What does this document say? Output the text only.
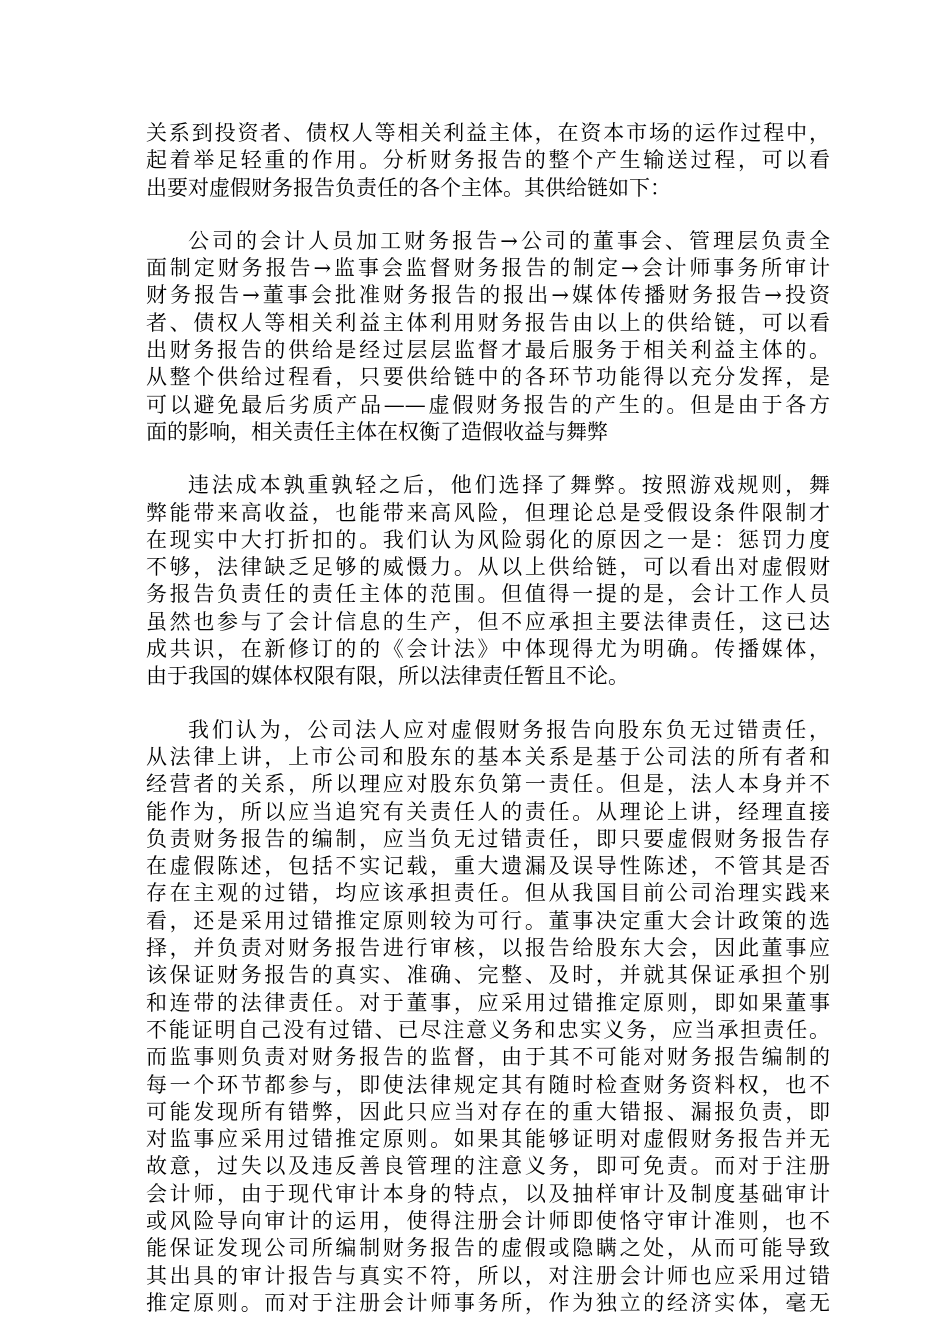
关系到投资者、债权人等相关利益主体，在资本市场的运作过程中，
起着举足轻重的作用。分析财务报告的整个产生输送过程，可以看
出要对虚假财务报告负责任的各个主体。其供给链如下：
公司的会计人员加工财务报告→公司的董事会、管理层负责全
面制定财务报告→监事会监督财务报告的制定→会计师事务所审计
财务报告→董事会批准财务报告的报出→媒体传播财务报告→投资
者、债权人等相关利益主体利用财务报告由以上的供给链，可以看
出财务报告的供给是经过层层监督才最后服务于相关利益主体的。
从整个供给过程看，只要供给链中的各环节功能得以充分发挥，是
可以避免最后劣质产品——虚假财务报告的产生的。但是由于各方
面的影响，相关责任主体在权衡了造假收益与舞弊
违法成本孰重孰轻之后，他们选择了舞弊。按照游戏规则，舞
弊能带来高收益，也能带来高风险，但理论总是受假设条件限制才
在现实中大打折扣的。我们认为风险弱化的原因之一是：惩罚力度
不够，法律缺乏足够的威慑力。从以上供给链，可以看出对虚假财
务报告负责任的责任主体的范围。但值得一提的是，会计工作人员
虽然也参与了会计信息的生产，但不应承担主要法律责任，这已达
成共识，在新修订的的《会计法》中体现得尤为明确。传播媒体，
由于我国的媒体权限有限，所以法律责任暂且不论。
我们认为，公司法人应对虚假财务报告向股东负无过错责任，
从法律上讲，上市公司和股东的基本关系是基于公司法的所有者和
经营者的关系，所以理应对股东负第一责任。但是，法人本身并不
能作为，所以应当追究有关责任人的责任。从理论上讲，经理直接
负责财务报告的编制，应当负无过错责任，即只要虚假财务报告存
在虚假陈述，包括不实记载，重大遗漏及误导性陈述，不管其是否
存在主观的过错，均应该承担责任。但从我国目前公司治理实践来
看，还是采用过错推定原则较为可行。董事决定重大会计政策的选
择，并负责对财务报告进行审核，以报告给股东大会，因此董事应
该保证财务报告的真实、准确、完整、及时，并就其保证承担个别
和连带的法律责任。对于董事，应采用过错推定原则，即如果董事
不能证明自己没有过错、已尽注意义务和忠实义务，应当承担责任。
而监事则负责对财务报告的监督，由于其不可能对财务报告编制的
每一个环节都参与，即使法律规定其有随时检查财务资料权，也不
可能发现所有错弊，因此只应当对存在的重大错报、漏报负责，即
对监事应采用过错推定原则。如果其能够证明对虚假财务报告并无
故意，过失以及违反善良管理的注意义务，即可免责。而对于注册
会计师，由于现代审计本身的特点，以及抽样审计及制度基础审计
或风险导向审计的运用，使得注册会计师即使恪守审计准则，也不
能保证发现公司所编制财务报告的虚假或隐瞒之处，从而可能导致
其出具的审计报告与真实不符，所以，对注册会计师也应采用过错
推定原则。而对于注册会计师事务所，作为独立的经济实体，毫无
